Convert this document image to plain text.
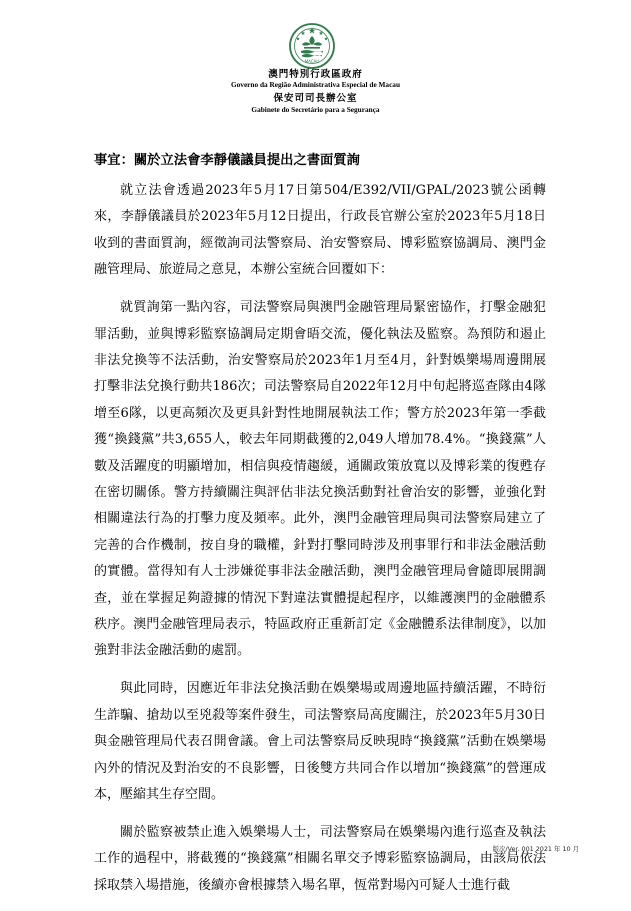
MACAU
澳門特別行政區政府
Governo da Região Administrativa Especial de Macau
保安司司長辦公室
Gabinete do Secretário para a Segurança
事宜：關於立法會李靜儀議員提出之書面質詢

就立法會透過2023年5月17日第504/E392/VII/GPAL/2023號公函轉來，李靜儀議員於2023年5月12日提出，行政長官辦公室於2023年5月18日收到的書面質詢，經徵詢司法警察局、治安警察局、博彩監察協調局、澳門金融管理局、旅遊局之意見，本辦公室統合回覆如下：

就質詢第一點內容，司法警察局與澳門金融管理局緊密協作，打擊金融犯罪活動，並與博彩監察協調局定期會晤交流，優化執法及監察。為預防和遏止非法兌換等不法活動，治安警察局於2023年1月至4月，針對娛樂場周邊開展打擊非法兌換行動共186次；司法警察局自2022年12月中旬起將巡查隊由4隊增至6隊，以更高頻次及更具針對性地開展執法工作；警方於2023年第一季截獲“換錢黨”共3,655人，較去年同期截獲的2,049人增加78.4%。“換錢黨”人數及活躍度的明顯增加，相信與疫情趨緩，通關政策放寬以及博彩業的復甦存在密切關係。警方持續關注與評估非法兌換活動對社會治安的影響，並強化對相關違法行為的打擊力度及頻率。此外，澳門金融管理局與司法警察局建立了完善的合作機制，按自身的職權，針對打擊同時涉及刑事罪行和非法金融活動的實體。當得知有人士涉嫌從事非法金融活動，澳門金融管理局會隨即展開調查，並在掌握足夠證據的情況下對違法實體提起程序，以維護澳門的金融體系秩序。澳門金融管理局表示，特區政府正重新訂定《金融體系法律制度》，以加強對非法金融活動的處罰。

與此同時，因應近年非法兌換活動在娛樂場或周邊地區持續活躍，不時衍生詐騙、搶劫以至兇殺等案件發生，司法警察局高度關注，於2023年5月30日與金融管理局代表召開會議。會上司法警察局反映現時“換錢黨”活動在娛樂場內外的情況及對治安的不良影響，日後雙方共同合作以增加“換錢黨”的營運成本，壓縮其生存空間。

關於監察被禁止進入娛樂場人士，司法警察局在娛樂場內進行巡查及執法工作的過程中，將截獲的“換錢黨”相關名單交予博彩監察協調局，由該局依法採取禁入場措施，後續亦會根據禁入場名單，恆常對場內可疑人士進行截

版次/Ver. 001 2021 年 10 月
